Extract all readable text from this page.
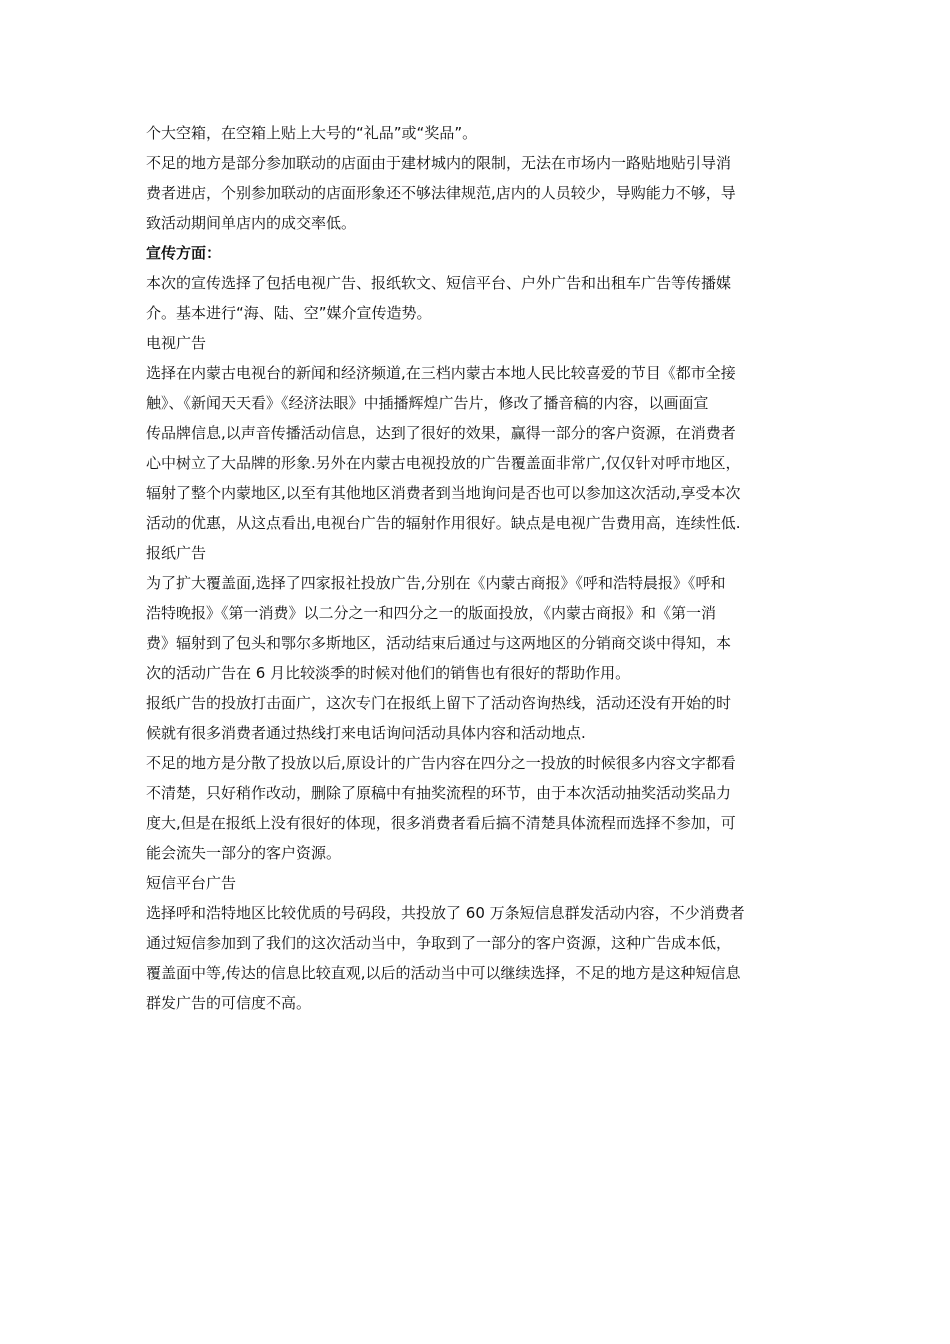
个大空箱，在空箱上贴上大号的“礼品”或“奖品”。
不足的地方是部分参加联动的店面由于建材城内的限制，无法在市场内一路贴地贴引导消
费者进店，个别参加联动的店面形象还不够法律规范,店内的人员较少，导购能力不够，导
致活动期间单店内的成交率低。
宣传方面：
本次的宣传选择了包括电视广告、报纸软文、短信平台、户外广告和出租车广告等传播媒
介。基本进行“海、陆、空”媒介宣传造势。
电视广告
选择在内蒙古电视台的新闻和经济频道,在三档内蒙古本地人民比较喜爱的节目《都市全接
触》、《新闻天天看》《经济法眼》中插播辉煌广告片，修改了播音稿的内容，以画面宣
传品牌信息,以声音传播活动信息，达到了很好的效果，赢得一部分的客户资源，在消费者
心中树立了大品牌的形象.另外在内蒙古电视投放的广告覆盖面非常广,仅仅针对呼市地区，
辐射了整个内蒙地区,以至有其他地区消费者到当地询问是否也可以参加这次活动,享受本次
活动的优惠，从这点看出,电视台广告的辐射作用很好。缺点是电视广告费用高，连续性低.
报纸广告
为了扩大覆盖面,选择了四家报社投放广告,分别在《内蒙古商报》《呼和浩特晨报》《呼和
浩特晚报》《第一消费》以二分之一和四分之一的版面投放，《内蒙古商报》和《第一消
费》辐射到了包头和鄂尔多斯地区，活动结束后通过与这两地区的分销商交谈中得知，本
次的活动广告在 6 月比较淡季的时候对他们的销售也有很好的帮助作用。
报纸广告的投放打击面广，这次专门在报纸上留下了活动咨询热线，活动还没有开始的时
候就有很多消费者通过热线打来电话询问活动具体内容和活动地点.
不足的地方是分散了投放以后,原设计的广告内容在四分之一投放的时候很多内容文字都看
不清楚，只好稍作改动，删除了原稿中有抽奖流程的环节，由于本次活动抽奖活动奖品力
度大,但是在报纸上没有很好的体现，很多消费者看后搞不清楚具体流程而选择不参加，可
能会流失一部分的客户资源。
短信平台广告
选择呼和浩特地区比较优质的号码段，共投放了 60 万条短信息群发活动内容，不少消费者
通过短信参加到了我们的这次活动当中，争取到了一部分的客户资源，这种广告成本低，
覆盖面中等,传达的信息比较直观,以后的活动当中可以继续选择，不足的地方是这种短信息
群发广告的可信度不高。
